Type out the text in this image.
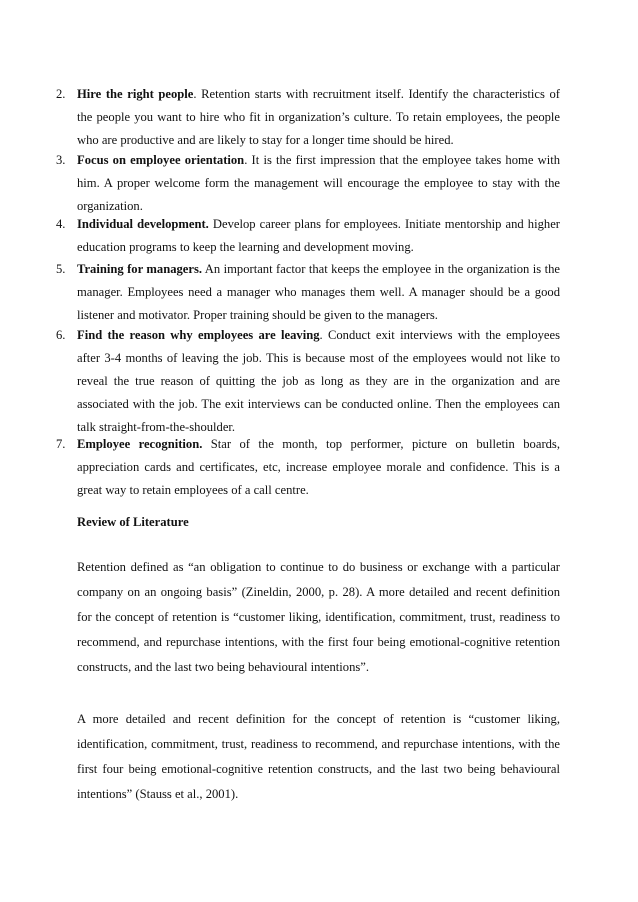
2. Hire the right people. Retention starts with recruitment itself. Identify the characteristics of the people you want to hire who fit in organization’s culture. To retain employees, the people who are productive and are likely to stay for a longer time should be hired.
3. Focus on employee orientation. It is the first impression that the employee takes home with him. A proper welcome form the management will encourage the employee to stay with the organization.
4. Individual development. Develop career plans for employees. Initiate mentorship and higher education programs to keep the learning and development moving.
5. Training for managers. An important factor that keeps the employee in the organization is the manager. Employees need a manager who manages them well. A manager should be a good listener and motivator. Proper training should be given to the managers.
6. Find the reason why employees are leaving. Conduct exit interviews with the employees after 3-4 months of leaving the job. This is because most of the employees would not like to reveal the true reason of quitting the job as long as they are in the organization and are associated with the job. The exit interviews can be conducted online. Then the employees can talk straight-from-the-shoulder.
7. Employee recognition. Star of the month, top performer, picture on bulletin boards, appreciation cards and certificates, etc, increase employee morale and confidence. This is a great way to retain employees of a call centre.
Review of Literature
Retention defined as “an obligation to continue to do business or exchange with a particular company on an ongoing basis” (Zineldin, 2000, p. 28). A more detailed and recent definition for the concept of retention is “customer liking, identification, commitment, trust, readiness to recommend, and repurchase intentions, with the first four being emotional-cognitive retention constructs, and the last two being behavioural intentions”.
A more detailed and recent definition for the concept of retention is “customer liking, identification, commitment, trust, readiness to recommend, and repurchase intentions, with the first four being emotional-cognitive retention constructs, and the last two being behavioural intentions” (Stauss et al., 2001).
